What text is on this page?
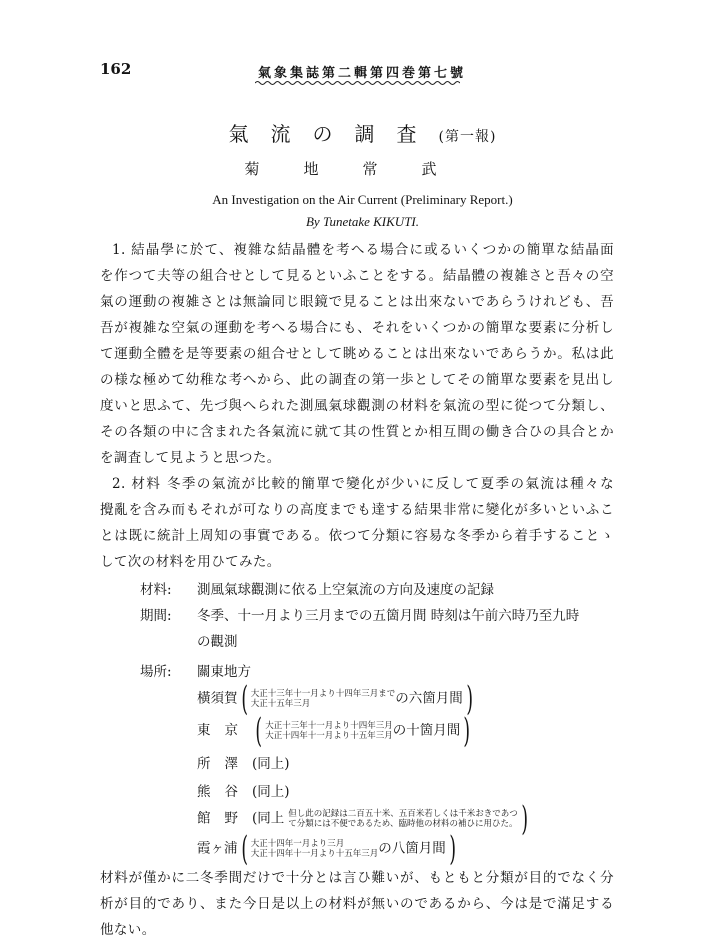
162	氣象集誌第二輯第四巻第七號
氣流の調査(第一報)
菊地常武
An Investigation on the Air Current (Preliminary Report.)
By Tunetake KIKUTI.
1. 結晶學に於て、複雜な結晶體を考へる場合に或るいくつかの簡單な結晶面
を作つて夫等の組合せとして見るといふことをする。結晶體の複雑さと吾々の空
氣の運動の複雑さとは無論同じ眼鏡で見ることは出來ないであらうけれども、吾
吾が複雑な空氣の運動を考へる場合にも、それをいくつかの簡單な要素に分析し
て運動全體を是等要素の組合せとして眺めることは出來ないであらうか。私は此
の様な極めて幼稚な考へから、此の調査の第一歩としてその簡單な要素を見出し
度いと思ふて、先づ與へられた測風氣球觀測の材料を氣流の型に從つて分類し、
その各類の中に含まれた各氣流に就て其の性質とか相互間の働き合ひの具合とか
を調査して見ようと思つた。
2. 材料 冬季の氣流が比較的簡單で變化が少いに反して夏季の氣流は種々な
攪亂を含み而もそれが可なりの高度までも達する結果非常に變化が多いといふこ
とは既に統計上周知の事實である。依つて分類に容易な冬季から着手することゝ
して次の材料を用ひてみた。
材料: 測風氣球觀測に依る上空氣流の方向及速度の記録
期間: 冬季、十一月より三月までの五箇月間 時刻は午前六時乃至九時
の觀測
場所: 關東地方
橫須賀( 大正十三年十一月より十四年三月まで
大正十五年三月	の六箇月間)
東京( 大正十三年十一月より十四年三月
大正十四年十一月より十五年三月の十箇月間)
所澤(同上)
熊谷(同上)
館野(同上 但し此の記録は二百五十米、五百米若しくは千米おきであつ
て分類には不便であるため、臨時他の材料の補ひに用ひた。 )
霞ヶ浦( 大正十四年一月より三月
大正十四年十一月より十五年三月の八箇月間)
材料が僅かに二冬季間だけで十分とは言ひ難いが、もともと分類が目的でなく分
析が目的であり、また今日是以上の材料が無いのであるから、今は是で滿足する
他ない。
